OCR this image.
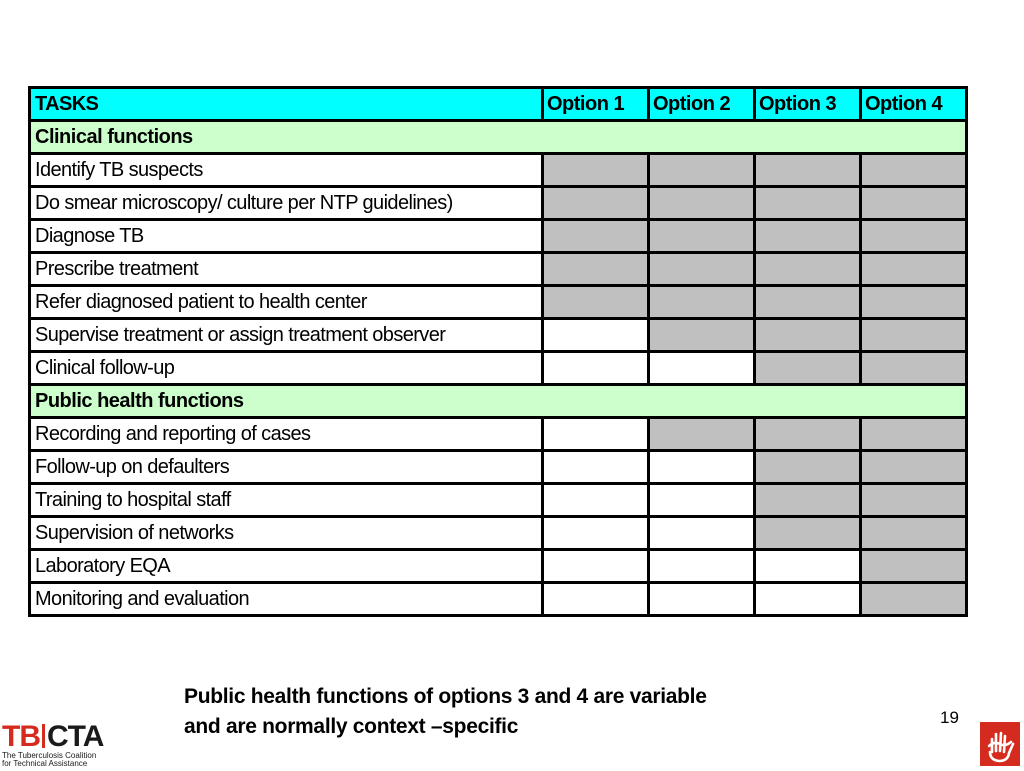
TASKS	Option 1	Option 2	Option 3	Option 4
Clinical functions				
Identify TB suspects				
Do smear microscopy/ culture per NTP guidelines)				
Diagnose TB				
Prescribe treatment				
Refer diagnosed patient to health center				
Supervise treatment or assign treatment observer				
Clinical follow-up				
Public health functions				
Recording and reporting of cases				
Follow-up on defaulters				
Training to hospital staff				
Supervision of networks				
Laboratory EQA				
Monitoring and evaluation				
Public health functions of options 3 and 4 are variable
and are normally context –specific	19
TB CTA
The Tuberculosis Coalition
for Technical Assistance
